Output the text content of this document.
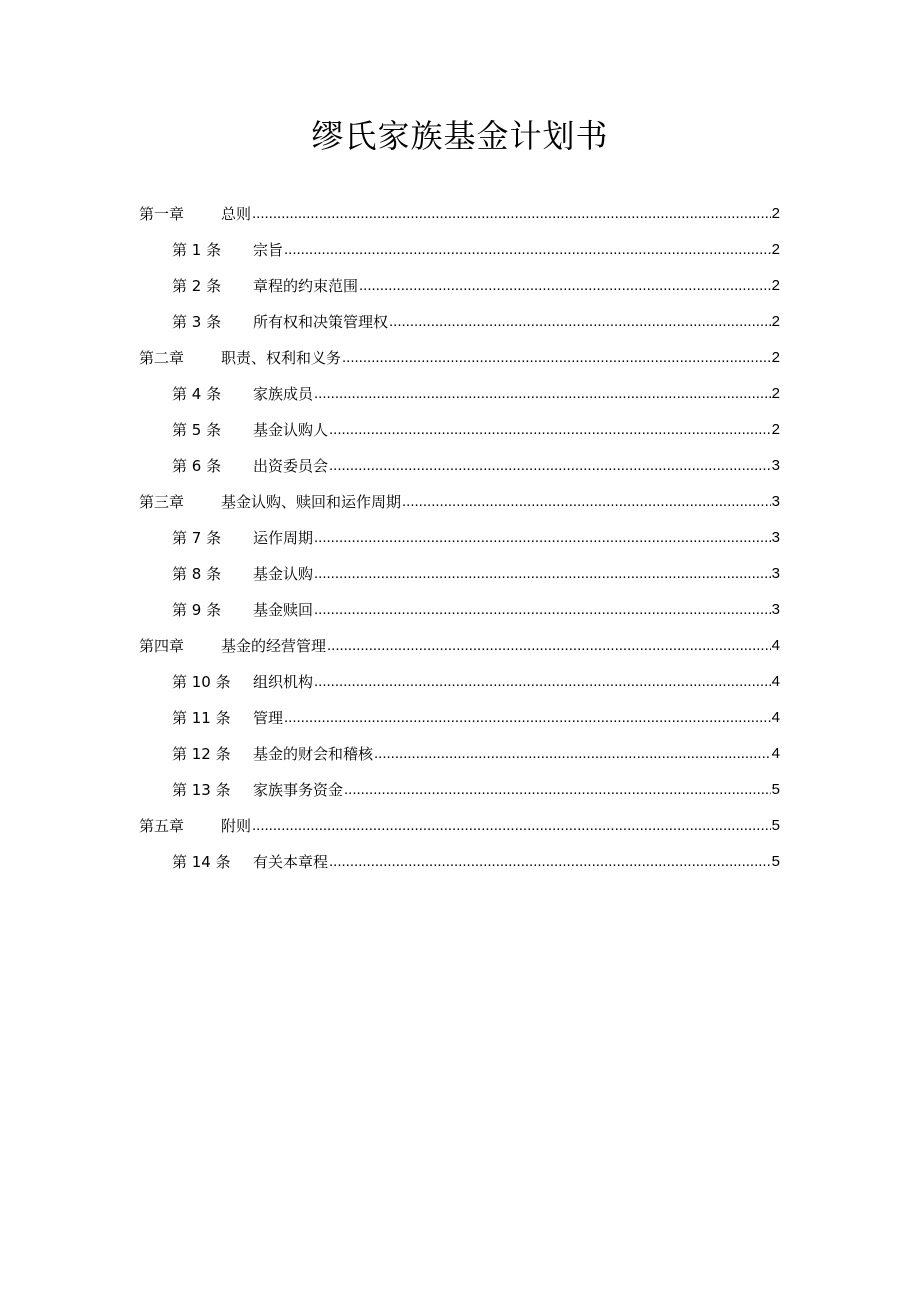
缪氏家族基金计划书
第一章	总则 .....	2
第 1 条	宗旨 .....	2
第 2 条	章程的约束范围 .....	2
第 3 条	所有权和决策管理权 .....	2
第二章	职责、权利和义务 .....	2
第 4 条	家族成员 .....	2
第 5 条	基金认购人 .....	2
第 6 条	出资委员会 .....	3
第三章	基金认购、赎回和运作周期 .....	3
第 7 条	运作周期 .....	3
第 8 条	基金认购 .....	3
第 9 条	基金赎回 .....	3
第四章	基金的经营管理 .....	4
第 10 条	组织机构 .....	4
第 11 条	管理 .....	4
第 12 条	基金的财会和稽核 .....	4
第 13 条	家族事务资金 .....	5
第五章	附则 .....	5
第 14 条	有关本章程 .....	5
